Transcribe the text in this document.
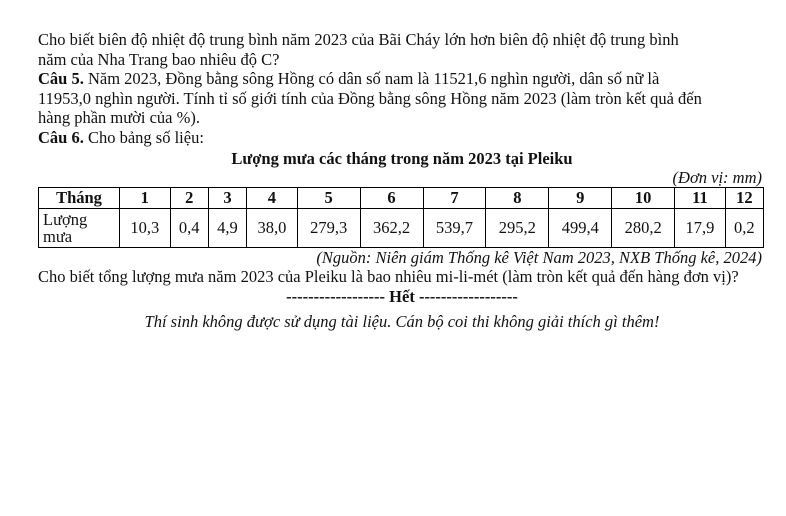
Cho biết biên độ nhiệt độ trung bình năm 2023 của Bãi Cháy lớn hơn biên độ nhiệt độ trung bình

năm của Nha Trang bao nhiêu độ C?

Câu 5. Năm 2023, Đồng bằng sông Hồng có dân số nam là 11521,6 nghìn người, dân số nữ là

11953,0 nghìn người. Tính tỉ số giới tính của Đồng bằng sông Hồng năm 2023 (làm tròn kết quả đến

hàng phần mười của %).

Câu 6. Cho bảng số liệu:

Lượng mưa các tháng trong năm 2023 tại Pleiku
(Đơn vị: mm)
Tháng	1	2	3	4	5	6	7	8	9	10	11	12
Lượng
mưa	10,3	0,4	4,9	38,0	279,3	362,2	539,7	295,2	499,4	280,2	17,9	0,2
(Nguồn: Niên giám Thống kê Việt Nam 2023, NXB Thống kê, 2024)

Cho biết tổng lượng mưa năm 2023 của Pleiku là bao nhiêu mi-li-mét (làm tròn kết quả đến hàng đơn vị)?

------------------ Hết ------------------
Thí sinh không được sử dụng tài liệu. Cán bộ coi thi không giải thích gì thêm!
